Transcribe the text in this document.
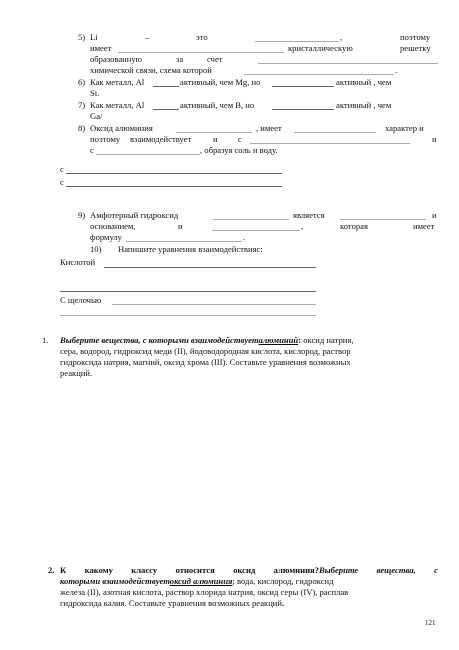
5) Li	–	это	,	поэтому
имеет	кристаллическую	решетку
образованную	за	счет
химической связи, схема которой	.
6) Как металл, Al	активный, чем Mg, но	активный , чем
Si.
7) Как металл, Al	активный, чем B, но	активный , чем
Ga/
8) Оксид алюминия	, имеет	характер и
поэтому взаимодействует	и с	и
с	, образуя соль и воду.
с
с
9) Амфотерный гидроксид	является	и
основанием,	и	,	которая	имеет
формулу	.
10) Напишите уравнения взаимодействияс:
Кислотой
С щелочью
1. Выберите вещества, с которыми взаимодействуеталюминий: оксид натрия,
сера, водород, гидроксид меди (II), йодоводородная кислота, кислород, раствор
гидроксида натрия, магний, оксид хрома (III). Составьте уравнения возможных
реакций.
2. К какому классу относится оксид алюминия?Выберите вещества, с
которыми взаимодействуетоксид алюминия; вода, кислород, гидроксид
железа (II), азотная кислота, раствор хлорида натрия, оксид серы (IV), расплав
гидроксида калия. Составьте уравнения возможных реакций.
121
